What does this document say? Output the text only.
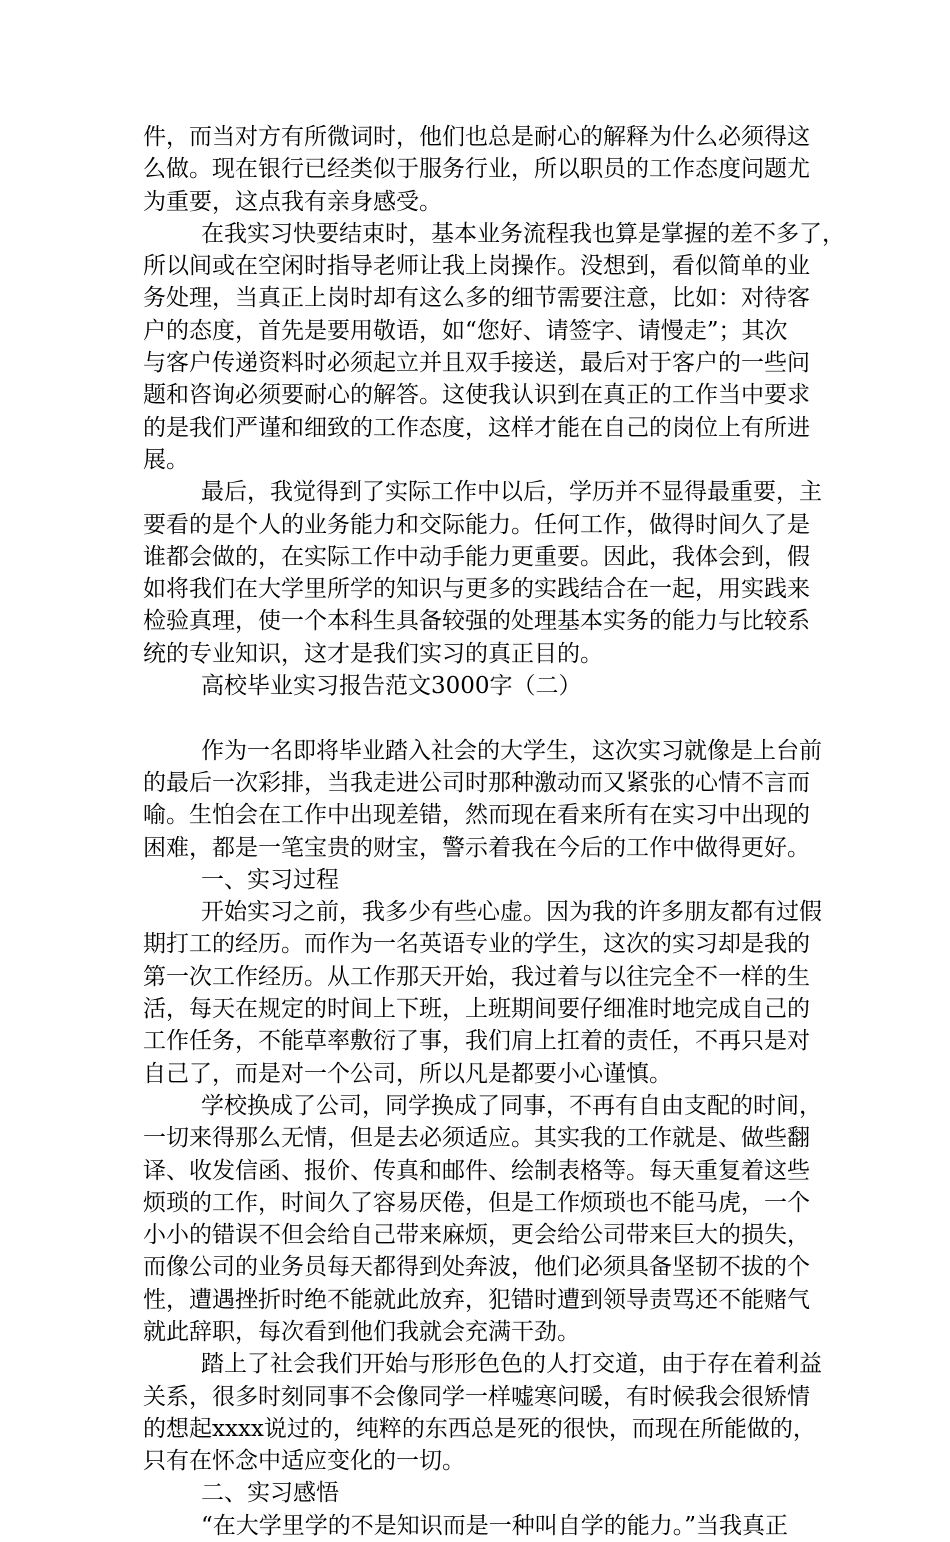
件，而当对方有所微词时，他们也总是耐心的解释为什么必须得这
么做。现在银行已经类似于服务行业，所以职员的工作态度问题尤
为重要，这点我有亲身感受。
在我实习快要结束时，基本业务流程我也算是掌握的差不多了，
所以间或在空闲时指导老师让我上岗操作。没想到，看似简单的业
务处理，当真正上岗时却有这么多的细节需要注意，比如：对待客
户的态度，首先是要用敬语，如“您好、请签字、请慢走”；其次
与客户传递资料时必须起立并且双手接送，最后对于客户的一些问
题和咨询必须要耐心的解答。这使我认识到在真正的工作当中要求
的是我们严谨和细致的工作态度，这样才能在自己的岗位上有所进
展。
最后，我觉得到了实际工作中以后，学历并不显得最重要，主
要看的是个人的业务能力和交际能力。任何工作，做得时间久了是
谁都会做的，在实际工作中动手能力更重要。因此，我体会到，假
如将我们在大学里所学的知识与更多的实践结合在一起，用实践来
检验真理，使一个本科生具备较强的处理基本实务的能力与比较系
统的专业知识，这才是我们实习的真正目的。
高校毕业实习报告范文3000字（二）
作为一名即将毕业踏入社会的大学生，这次实习就像是上台前
的最后一次彩排，当我走进公司时那种激动而又紧张的心情不言而
喻。生怕会在工作中出现差错，然而现在看来所有在实习中出现的
困难，都是一笔宝贵的财宝，警示着我在今后的工作中做得更好。
一、实习过程
开始实习之前，我多少有些心虚。因为我的许多朋友都有过假
期打工的经历。而作为一名英语专业的学生，这次的实习却是我的
第一次工作经历。从工作那天开始，我过着与以往完全不一样的生
活，每天在规定的时间上下班，上班期间要仔细准时地完成自己的
工作任务，不能草率敷衍了事，我们肩上扛着的责任，不再只是对
自己了，而是对一个公司，所以凡是都要小心谨慎。
学校换成了公司，同学换成了同事，不再有自由支配的时间，
一切来得那么无情，但是去必须适应。其实我的工作就是、做些翻
译、收发信函、报价、传真和邮件、绘制表格等。每天重复着这些
烦琐的工作，时间久了容易厌倦，但是工作烦琐也不能马虎，一个
小小的错误不但会给自己带来麻烦，更会给公司带来巨大的损失，
而像公司的业务员每天都得到处奔波，他们必须具备坚韧不拔的个
性，遭遇挫折时绝不能就此放弃，犯错时遭到领导责骂还不能赌气
就此辞职，每次看到他们我就会充满干劲。
踏上了社会我们开始与形形色色的人打交道，由于存在着利益
关系，很多时刻同事不会像同学一样嘘寒问暖，有时候我会很矫情
的想起xxxx说过的，纯粹的东西总是死的很快，而现在所能做的，
只有在怀念中适应变化的一切。
二、实习感悟
“在大学里学的不是知识而是一种叫自学的能力。”当我真正
